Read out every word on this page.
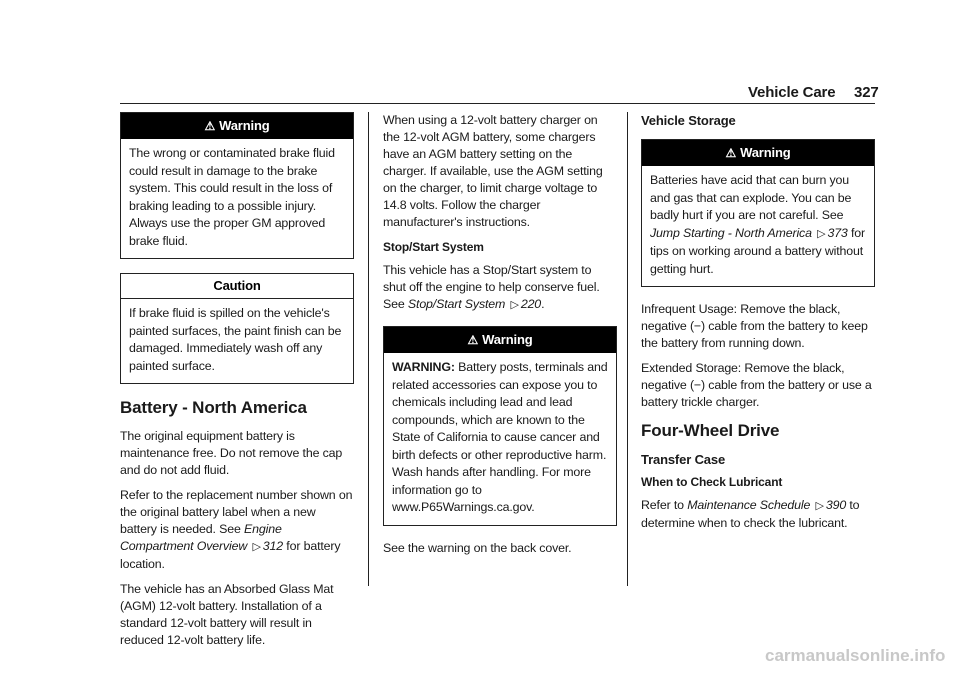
Vehicle Care 327
⚠ Warning
The wrong or contaminated brake fluid could result in damage to the brake system. This could result in the loss of braking leading to a possible injury. Always use the proper GM approved brake fluid.
Caution
If brake fluid is spilled on the vehicle's painted surfaces, the paint finish can be damaged. Immediately wash off any painted surface.
Battery - North America

The original equipment battery is maintenance free. Do not remove the cap and do not add fluid.

Refer to the replacement number shown on the original battery label when a new battery is needed. See Engine Compartment Overview ▷ 312 for battery location.

The vehicle has an Absorbed Glass Mat (AGM) 12-volt battery. Installation of a standard 12-volt battery will result in reduced 12-volt battery life.

When using a 12-volt battery charger on the 12-volt AGM battery, some chargers have an AGM battery setting on the charger. If available, use the AGM setting on the charger, to limit charge voltage to 14.8 volts. Follow the charger manufacturer's instructions.

Stop/Start System

This vehicle has a Stop/Start system to shut off the engine to help conserve fuel. See Stop/Start System ▷ 220.

⚠ Warning
WARNING: Battery posts, terminals and related accessories can expose you to chemicals including lead and lead compounds, which are known to the State of California to cause cancer and birth defects or other reproductive harm. Wash hands after handling. For more information go to www.P65Warnings.ca.gov.

See the warning on the back cover.

Vehicle Storage
⚠ Warning
Batteries have acid that can burn you and gas that can explode. You can be badly hurt if you are not careful. See Jump Starting - North America ▷ 373 for tips on working around a battery without getting hurt.

Infrequent Usage: Remove the black, negative (−) cable from the battery to keep the battery from running down.

Extended Storage: Remove the black, negative (−) cable from the battery or use a battery trickle charger.

Four-Wheel Drive
Transfer Case
When to Check Lubricant

Refer to Maintenance Schedule ▷ 390 to determine when to check the lubricant.

carmanualsonline.info
